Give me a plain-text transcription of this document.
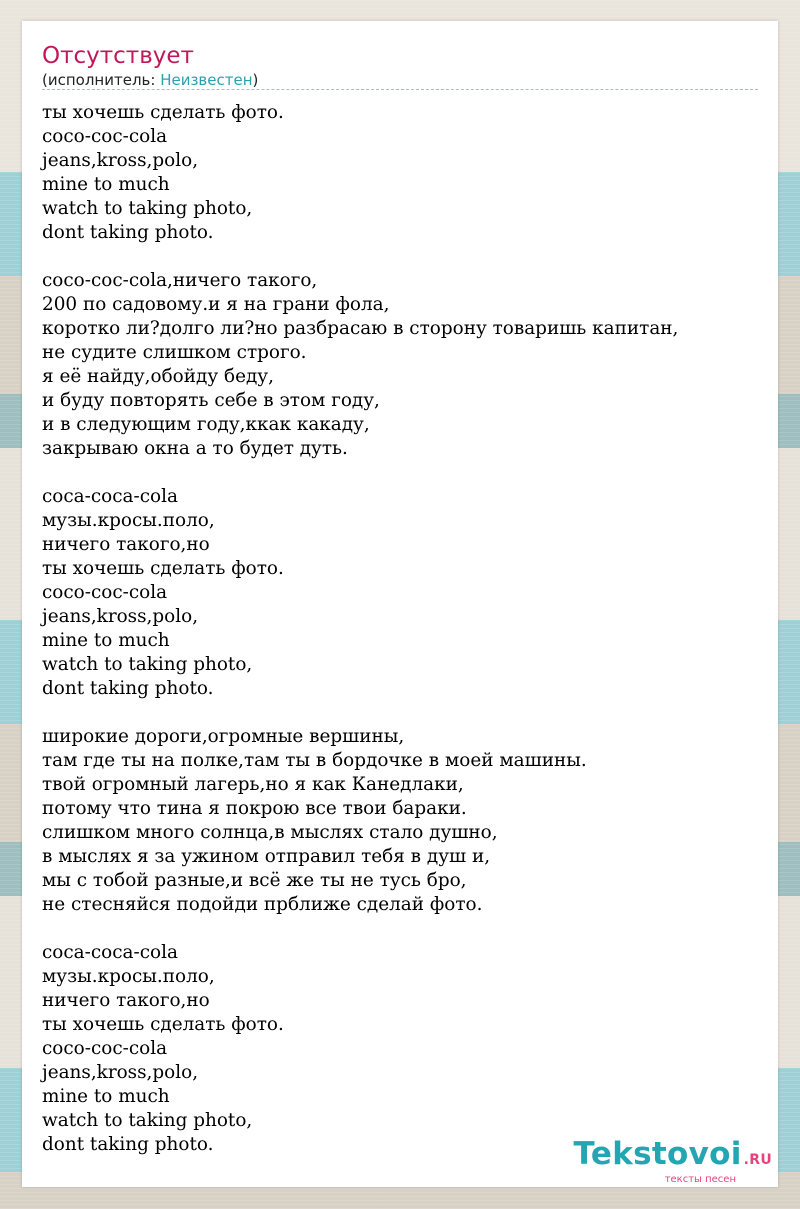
Отсутствует
(исполнитель: Неизвестен)
ты хочешь сделать фото.
coco-coc-cola
jeans,kross,polo,
mine to much
watch to taking photo,
dont taking photo.

coco-coc-cola,ничего такого,
200 по садовому.и я на грани фола,
коротко ли?долго ли?но разбрасаю в сторону товаришь капитан,
не судите слишком строго.
я её найду,обойду беду,
и буду повторять себе в этом году,
и в следующим году,ккак какаду,
закрываю окна а то будет дуть.

coca-coca-cola
музы.кросы.поло,
ничего такого,но
ты хочешь сделать фото.
coco-coc-cola
jeans,kross,polo,
mine to much
watch to taking photo,
dont taking photo.

широкие дороги,огромные вершины,
там где ты на полке,там ты в бордочке в моей машины.
твой огромный лагерь,но я как Канедлаки,
потому что тина я покрою все твои бараки.
слишком много солнца,в мыслях стало душно,
в мыслях я за ужином отправил тебя в душ и,
мы с тобой разные,и всё же ты не тусь бро,
не стесняйся подойди прближе сделай фото.

coca-coca-cola
музы.кросы.поло,
ничего такого,но
ты хочешь сделать фото.
coco-coc-cola
jeans,kross,polo,
mine to much
watch to taking photo,
dont taking photo.	Tekstovoi .RU
тексты песен
